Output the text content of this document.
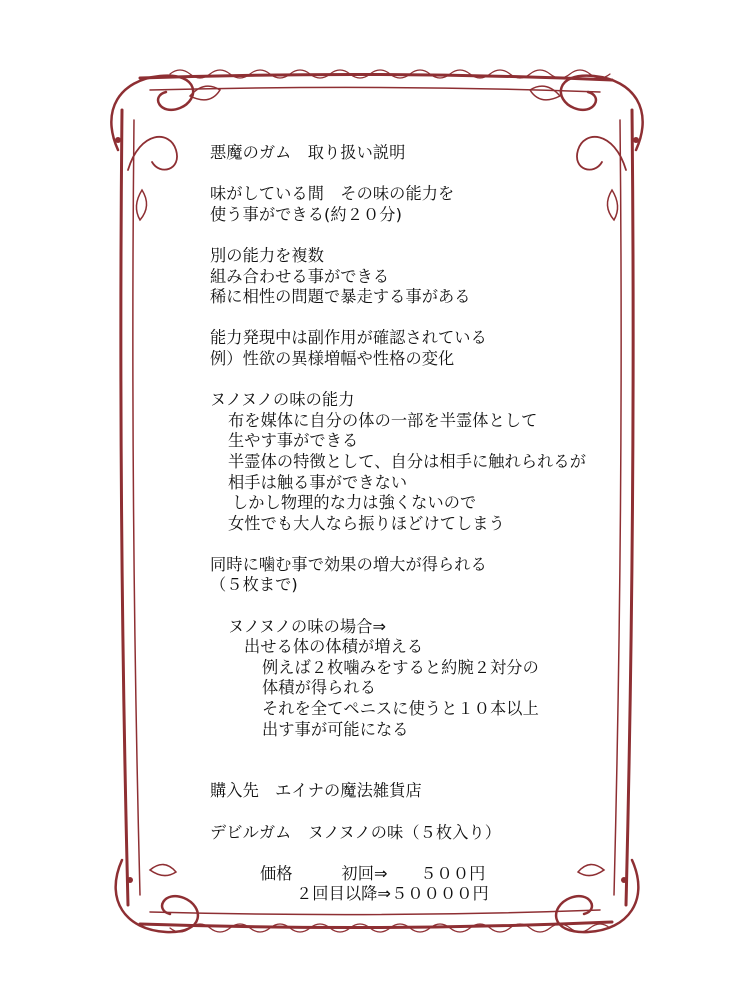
悪魔のガム　取り扱い説明
味がしている間　その味の能力を
使う事ができる(約２０分)
別の能力を複数
組み合わせる事ができる
稀に相性の問題で暴走する事がある
能力発現中は副作用が確認されている
例）性欲の異様増幅や性格の変化
ヌノヌノの味の能力
布を媒体に自分の体の一部を半霊体として
生やす事ができる
半霊体の特徴として、自分は相手に触れられるが
相手は触る事ができない
しかし物理的な力は強くないので
女性でも大人なら振りほどけてしまう
同時に噛む事で効果の増大が得られる
（５枚まで)
ヌノヌノの味の場合⇒
出せる体の体積が増える
例えば２枚噛みをすると約腕２対分の
体積が得られる
それを全てペニスに使うと１０本以上
出す事が可能になる
購入先　エイナの魔法雑貨店
デビルガム　ヌノヌノの味（５枚入り）
価格　　　初回⇒　　５００円
２回目以降⇒５００００円
